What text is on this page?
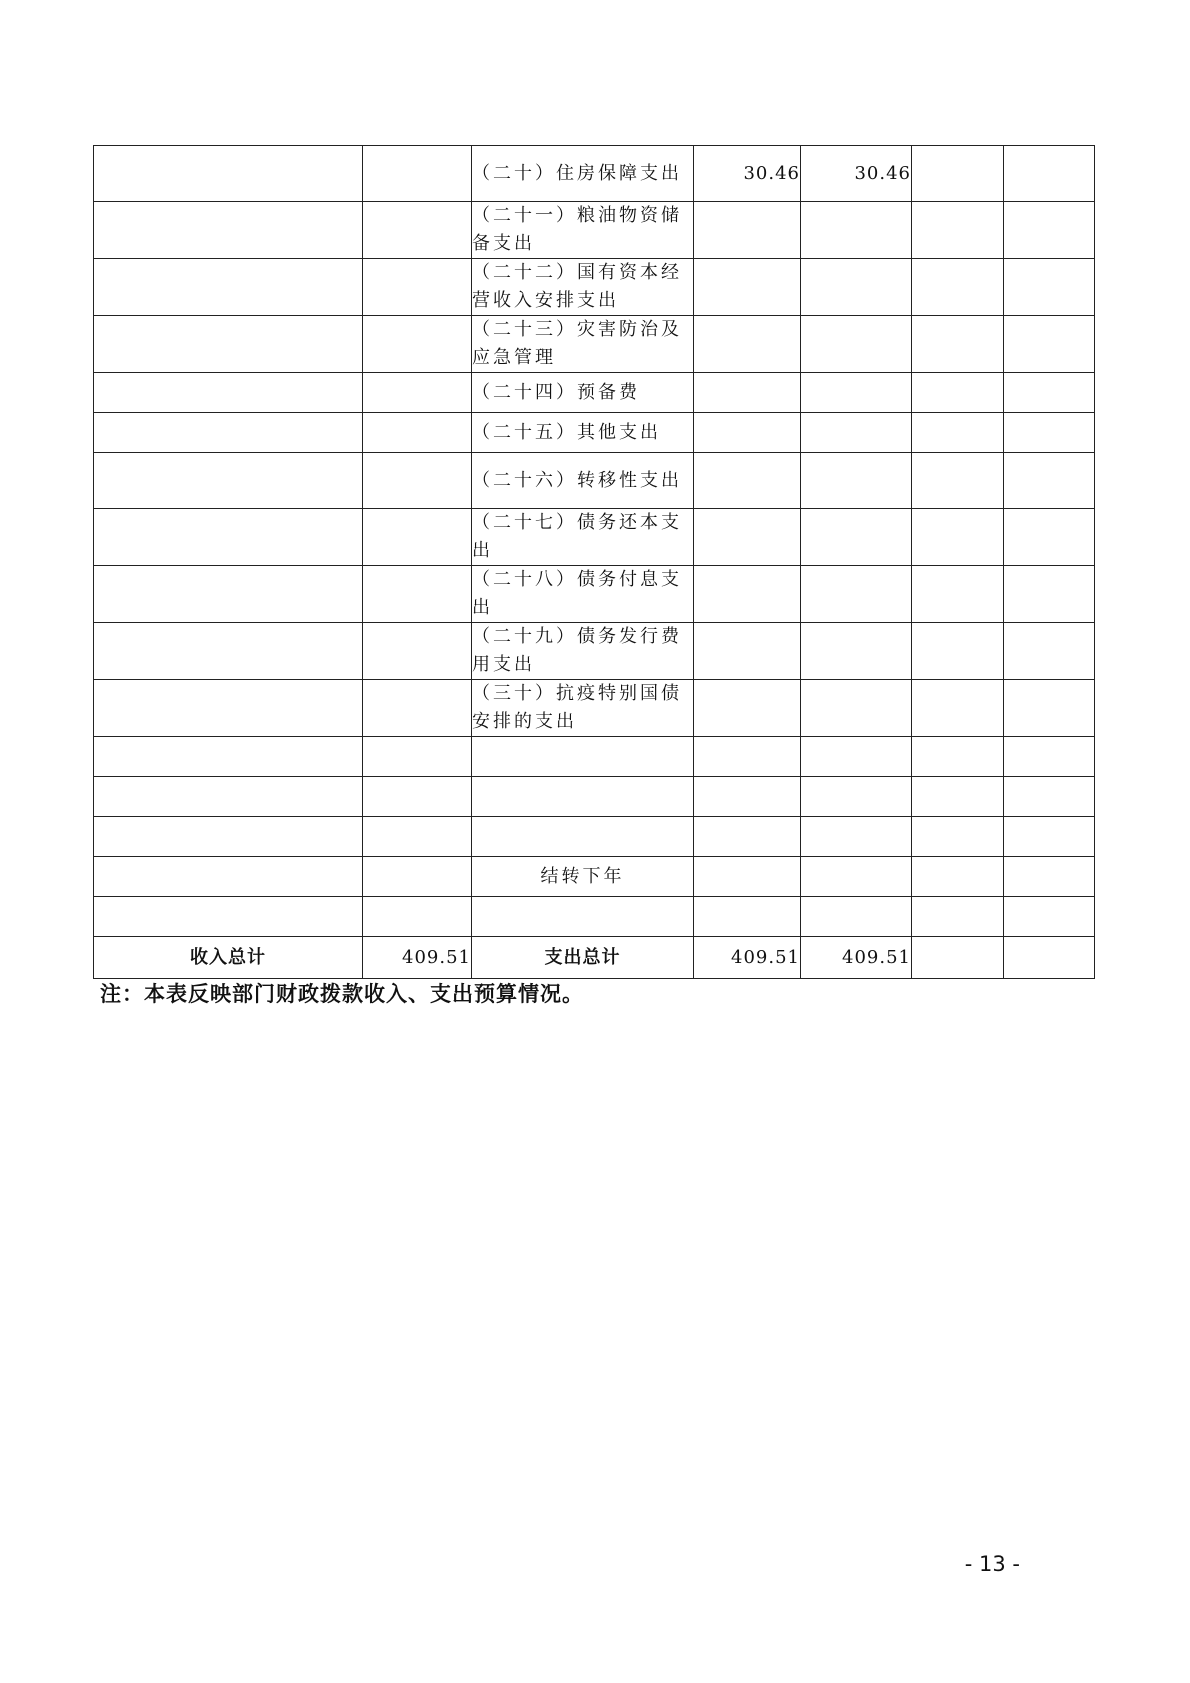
		（二十）住房保障支出	30.46	30.46		
		（二十一）粮油物资储备支出				
		（二十二）国有资本经营收入安排支出				
		（二十三）灾害防治及应急管理				
		（二十四）预备费				
		（二十五）其他支出				
		（二十六）转移性支出				
		（二十七）债务还本支出				
		（二十八）债务付息支出				
		（二十九）债务发行费用支出				
		（三十）抗疫特别国债安排的支出				

		结转下年				

收入总计	409.51	支出总计	409.51	409.51		
注：本表反映部门财政拨款收入、支出预算情况。
- 13 -
